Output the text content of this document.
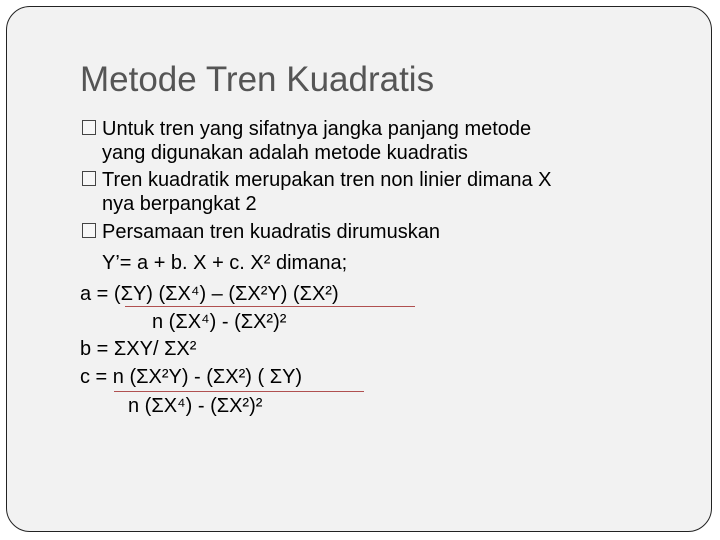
Metode Tren Kuadratis
Untuk tren yang sifatnya jangka panjang metode
yang digunakan adalah metode kuadratis
Tren kuadratik merupakan tren non linier dimana X
nya berpangkat 2
Persamaan tren kuadratis dirumuskan
Y’= a + b. X + c. X² dimana;
a = (ΣY) (ΣX⁴) – (ΣX²Y) (ΣX²)
n (ΣX⁴) - (ΣX²)²
b = ΣXY/ ΣX²
c = n (ΣX²Y) - (ΣX²) ( ΣY)
n (ΣX⁴) - (ΣX²)²
